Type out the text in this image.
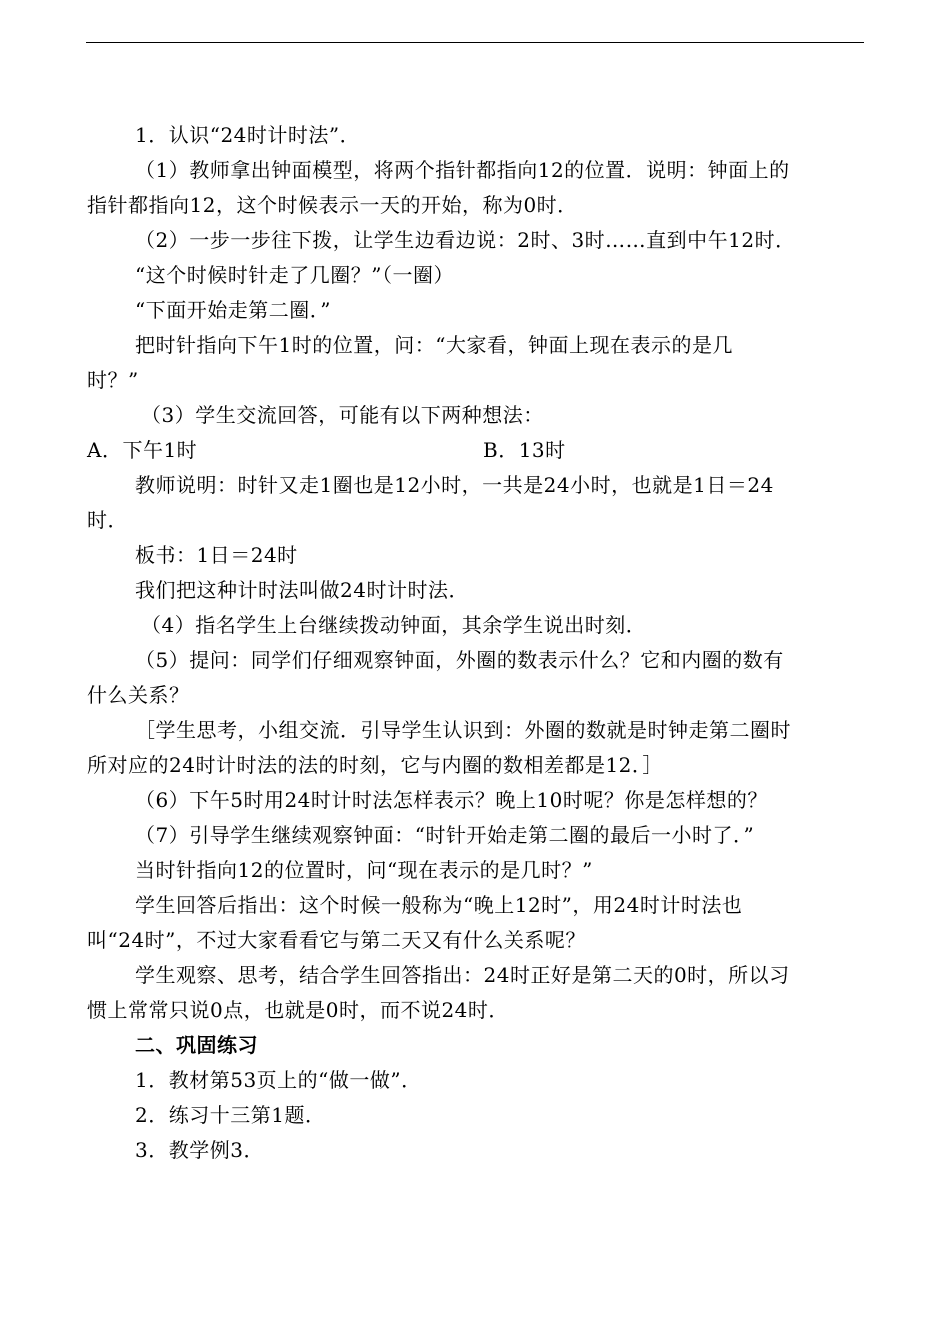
1．认识“24时计时法”．

（1）教师拿出钟面模型，将两个指针都指向12的位置．说明：钟面上的

指针都指向12，这个时候表示一天的开始，称为0时．

（2）一步一步往下拨，让学生边看边说：2时、3时……直到中午12时．

“这个时候时针走了几圈？”（一圈）

“下面开始走第二圈．”

把时针指向下午1时的位置，问：“大家看，钟面上现在表示的是几

时？”

（3）学生交流回答，可能有以下两种想法：

A．下午1时	B．13时

教师说明：时针又走1圈也是12小时，一共是24小时，也就是1日＝24

时．

板书：1日＝24时

我们把这种计时法叫做24时计时法．

（4）指名学生上台继续拨动钟面，其余学生说出时刻．

（5）提问：同学们仔细观察钟面，外圈的数表示什么？它和内圈的数有

什么关系？

［学生思考，小组交流．引导学生认识到：外圈的数就是时钟走第二圈时

所对应的24时计时法的法的时刻，它与内圈的数相差都是12．］

（6）下午5时用24时计时法怎样表示？晚上10时呢？你是怎样想的？

（7）引导学生继续观察钟面：“时针开始走第二圈的最后一小时了．”

当时针指向12的位置时，问“现在表示的是几时？”

学生回答后指出：这个时候一般称为“晚上12时”，用24时计时法也

叫“24时”，不过大家看看它与第二天又有什么关系呢？

学生观察、思考，结合学生回答指出：24时正好是第二天的0时，所以习

惯上常常只说0点，也就是0时，而不说24时．

二、巩固练习

1．教材第53页上的“做一做”．

2．练习十三第1题．

3．教学例3．
